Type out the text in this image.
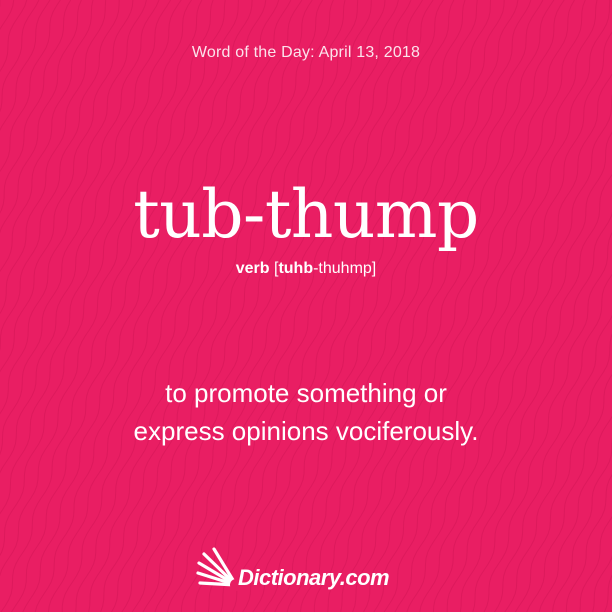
Word of the Day: April 13, 2018
tub-thump
verb [tuhb-thuhmp]
to promote something or
express opinions vociferously.
Dictionary.com
